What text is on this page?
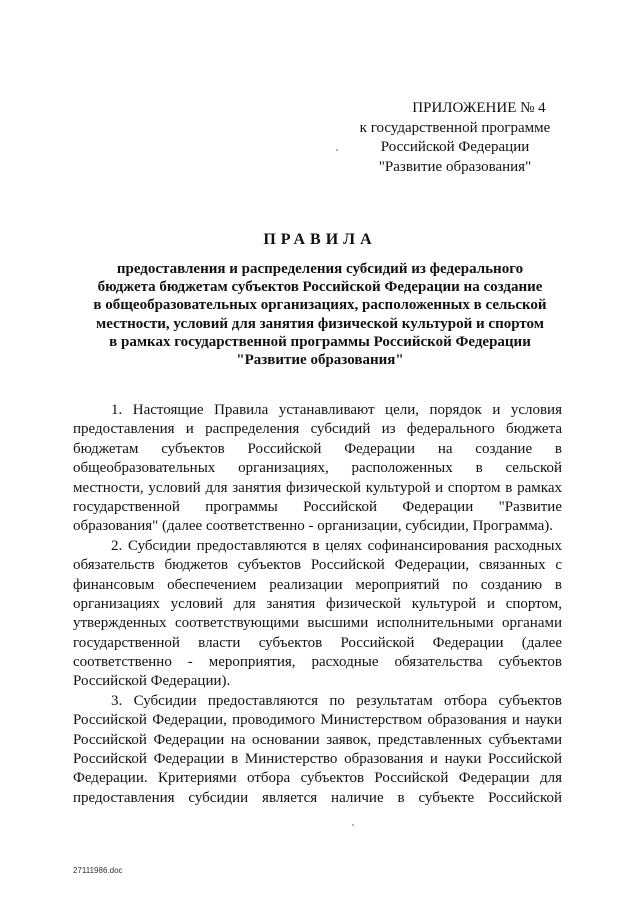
ПРИЛОЖЕНИЕ № 4
к государственной программе
Российской Федерации
"Развитие образования"
ПРАВИЛА
предоставления и распределения субсидий из федерального
бюджета бюджетам субъектов Российской Федерации на создание
в общеобразовательных организациях, расположенных в сельской
местности, условий для занятия физической культурой и спортом
в рамках государственной программы Российской Федерации
"Развитие образования"

1. Настоящие Правила устанавливают цели, порядок и условия
предоставления и распределения субсидий из федерального бюджета
бюджетам субъектов Российской Федерации на создание в
общеобразовательных организациях, расположенных в сельской
местности, условий для занятия физической культурой и спортом в рамках
государственной программы Российской Федерации "Развитие
образования" (далее соответственно - организации, субсидии, Программа).

2. Субсидии предоставляются в целях софинансирования расходных
обязательств бюджетов субъектов Российской Федерации, связанных с
финансовым обеспечением реализации мероприятий по созданию в
организациях условий для занятия физической культурой и спортом,
утвержденных соответствующими высшими исполнительными органами
государственной власти субъектов Российской Федерации (далее
соответственно - мероприятия, расходные обязательства субъектов
Российской Федерации).

3. Субсидии предоставляются по результатам отбора субъектов
Российской Федерации, проводимого Министерством образования и науки
Российской Федерации на основании заявок, представленных субъектами
Российской Федерации в Министерство образования и науки Российской
Федерации. Критериями отбора субъектов Российской Федерации для
предоставления субсидии является наличие в субъекте Российской

27111986.doc
